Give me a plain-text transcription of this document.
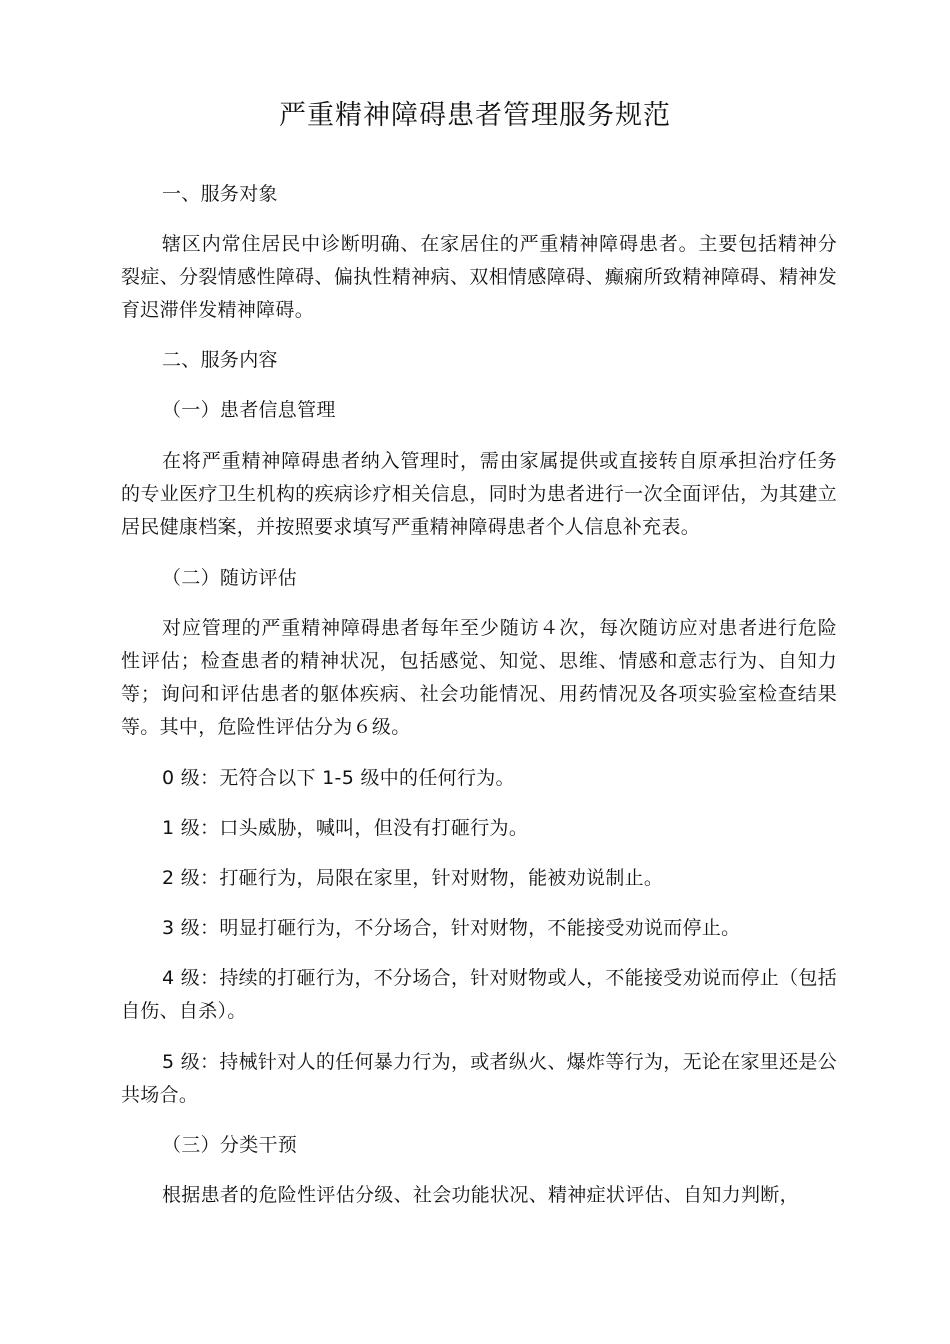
严重精神障碍患者管理服务规范

一、服务对象

辖区内常住居民中诊断明确、在家居住的严重精神障碍患者。主要包括精神分裂症、分裂情感性障碍、偏执性精神病、双相情感障碍、癫痫所致精神障碍、精神发育迟滞伴发精神障碍。

二、服务内容

（一）患者信息管理

在将严重精神障碍患者纳入管理时，需由家属提供或直接转自原承担治疗任务的专业医疗卫生机构的疾病诊疗相关信息，同时为患者进行一次全面评估，为其建立居民健康档案，并按照要求填写严重精神障碍患者个人信息补充表。

（二）随访评估

对应管理的严重精神障碍患者每年至少随访４次，每次随访应对患者进行危险性评估；检查患者的精神状况，包括感觉、知觉、思维、情感和意志行为、自知力等；询问和评估患者的躯体疾病、社会功能情况、用药情况及各项实验室检查结果等。其中，危险性评估分为６级。

0 级：无符合以下 1-5 级中的任何行为。

1 级：口头威胁，喊叫，但没有打砸行为。

2 级：打砸行为，局限在家里，针对财物，能被劝说制止。

3 级：明显打砸行为，不分场合，针对财物，不能接受劝说而停止。

4 级：持续的打砸行为，不分场合，针对财物或人，不能接受劝说而停止（包括自伤、自杀）。

5 级：持械针对人的任何暴力行为，或者纵火、爆炸等行为，无论在家里还是公共场合。

（三）分类干预

根据患者的危险性评估分级、社会功能状况、精神症状评估、自知力判断，
